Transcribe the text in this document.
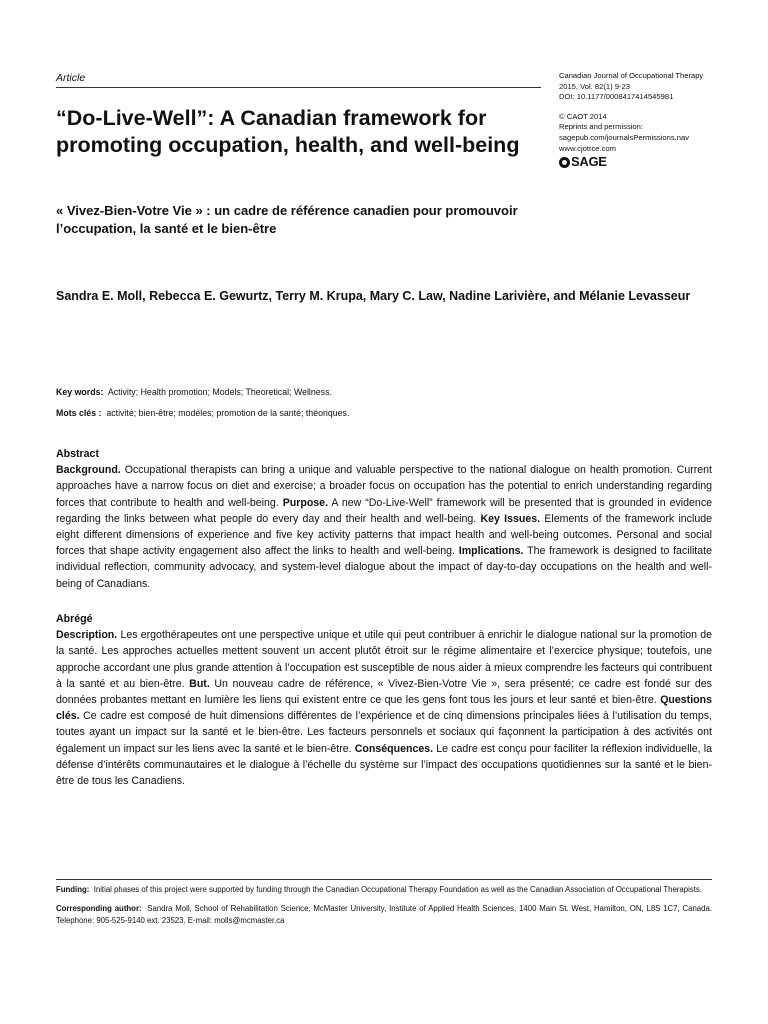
Article	Canadian Journal of Occupational Therapy
2015, Vol. 82(1) 9-23
DOI: 10.1177/0008417414545981
© CAOT 2014
Reprints and permission:
sagepub.com/journalsPermissions.nav
www.cjotrce.com
SAGE
“Do-Live-Well”: A Canadian framework for promoting occupation, health, and well-being
« Vivez-Bien-Votre Vie » : un cadre de référence canadien pour promouvoir l’occupation, la santé et le bien-être
Sandra E. Moll, Rebecca E. Gewurtz, Terry M. Krupa, Mary C. Law, Nadine Larivière, and Mélanie Levasseur
Key words: Activity; Health promotion; Models; Theoretical; Wellness.
Mots clés : activité; bien-être; modèles; promotion de la santé; théoriques.
Abstract
Background. Occupational therapists can bring a unique and valuable perspective to the national dialogue on health promotion. Current approaches have a narrow focus on diet and exercise; a broader focus on occupation has the potential to enrich understanding regarding forces that contribute to health and well-being. Purpose. A new “Do-Live-Well” framework will be presented that is grounded in evidence regarding the links between what people do every day and their health and well-being. Key Issues. Elements of the framework include eight different dimensions of experience and five key activity patterns that impact health and well-being outcomes. Personal and social forces that shape activity engagement also affect the links to health and well-being. Implications. The framework is designed to facilitate individual reflection, community advocacy, and system-level dialogue about the impact of day-to-day occupations on the health and well-being of Canadians.
Abrégé
Description. Les ergothérapeutes ont une perspective unique et utile qui peut contribuer à enrichir le dialogue national sur la promotion de la santé. Les approches actuelles mettent souvent un accent plutôt étroit sur le régime alimentaire et l’exercice physique; toutefois, une approche accordant une plus grande attention à l’occupation est susceptible de nous aider à mieux comprendre les facteurs qui contribuent à la santé et au bien-être. But. Un nouveau cadre de référence, « Vivez-Bien-Votre Vie », sera présenté; ce cadre est fondé sur des données probantes mettant en lumière les liens qui existent entre ce que les gens font tous les jours et leur santé et bien-être. Questions clés. Ce cadre est composé de huit dimensions différentes de l’expérience et de cinq dimensions principales liées à l’utilisation du temps, toutes ayant un impact sur la santé et le bien-être. Les facteurs personnels et sociaux qui façonnent la participation à des activités ont également un impact sur les liens avec la santé et le bien-être. Conséquences. Le cadre est conçu pour faciliter la réflexion individuelle, la défense d’intérêts communautaires et le dialogue à l’échelle du système sur l’impact des occupations quotidiennes sur la santé et le bien-être de tous les Canadiens.
Funding: Initial phases of this project were supported by funding through the Canadian Occupational Therapy Foundation as well as the Canadian Association of Occupational Therapists.
Corresponding author: Sandra Moll, School of Rehabilitation Science, McMaster University, Institute of Applied Health Sciences, 1400 Main St. West, Hamilton, ON, L8S 1C7, Canada. Telephone: 905-525-9140 ext. 23523. E-mail: molls@mcmaster.ca
